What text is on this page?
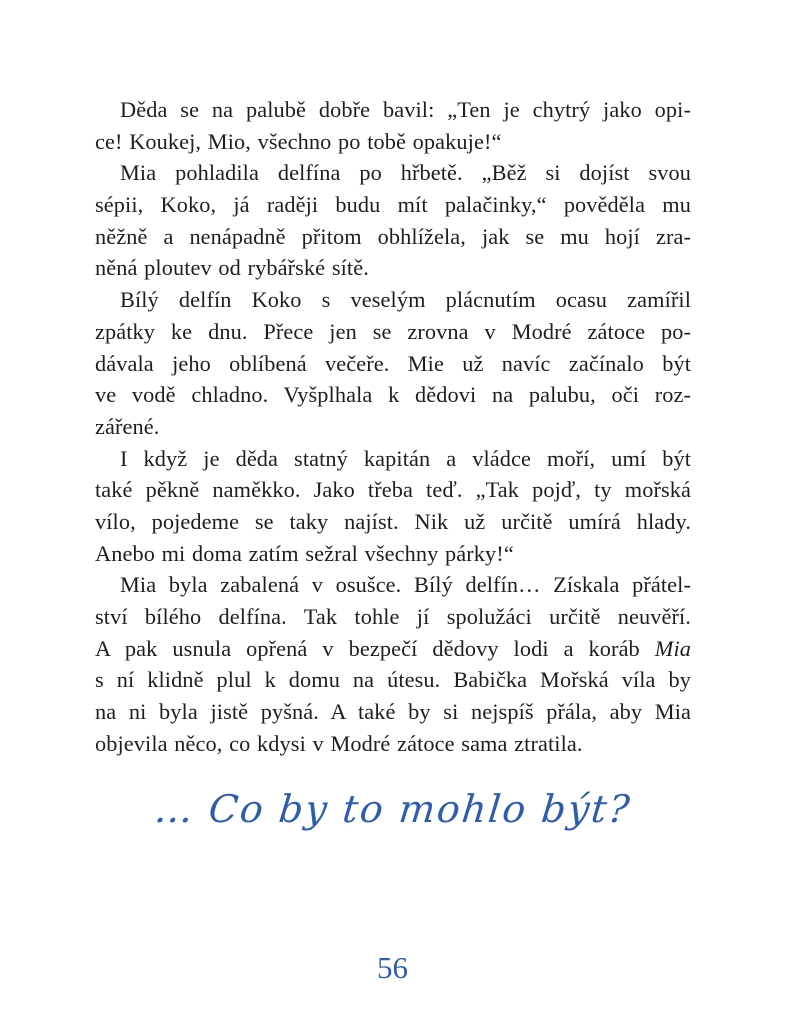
Děda se na palubě dobře bavil: „Ten je chytrý jako opi-
ce! Koukej, Mio, všechno po tobě opakuje!“
Mia pohladila delfína po hřbetě. „Běž si dojíst svou
sépii, Koko, já raději budu mít palačinky,“ pověděla mu
něžně a nenápadně přitom obhlížela, jak se mu hojí zra-
něná ploutev od rybářské sítě.
Bílý delfín Koko s veselým plácnutím ocasu zamířil
zpátky ke dnu. Přece jen se zrovna v Modré zátoce po-
dávala jeho oblíbená večeře. Mie už navíc začínalo být
ve vodě chladno. Vyšplhala k dědovi na palubu, oči roz-
zářené.
I když je děda statný kapitán a vládce moří, umí být
také pěkně naměkko. Jako třeba teď. „Tak pojď, ty mořská
vílo, pojedeme se taky najíst. Nik už určitě umírá hlady.
Anebo mi doma zatím sežral všechny párky!“
Mia byla zabalená v osušce. Bílý delfín… Získala přátel-
ství bílého delfína. Tak tohle jí spolužáci určitě neuvěří.
A pak usnula opřená v bezpečí dědovy lodi a koráb Mia
s ní klidně plul k domu na útesu. Babička Mořská víla by
na ni byla jistě pyšná. A také by si nejspíš přála, aby Mia
objevila něco, co kdysi v Modré zátoce sama ztratila.
… Co by to mohlo být?
56
